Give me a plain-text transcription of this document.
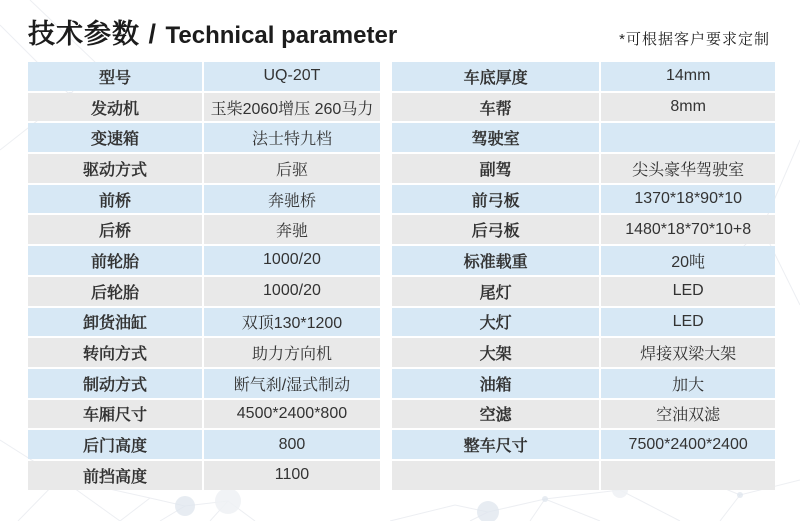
技术参数 / Technical parameter	*可根据客户要求定制
型号	UQ-20T
发动机	玉柴2060增压 260马力
变速箱	法士特九档
驱动方式	后驱
前桥	奔驰桥
后桥	奔驰
前轮胎	1000/20
后轮胎	1000/20
卸货油缸	双顶130*1200
转向方式	助力方向机
制动方式	断气刹/湿式制动
车厢尺寸	4500*2400*800
后门高度	800
前挡高度	1100
车底厚度	14mm
车帮	8mm
驾驶室	
副驾	尖头豪华驾驶室
前弓板	1370*18*90*10
后弓板	1480*18*70*10+8
标准载重	20吨
尾灯	LED
大灯	LED
大架	焊接双梁大架
油箱	加大
空滤	空油双滤
整车尺寸	7500*2400*2400
